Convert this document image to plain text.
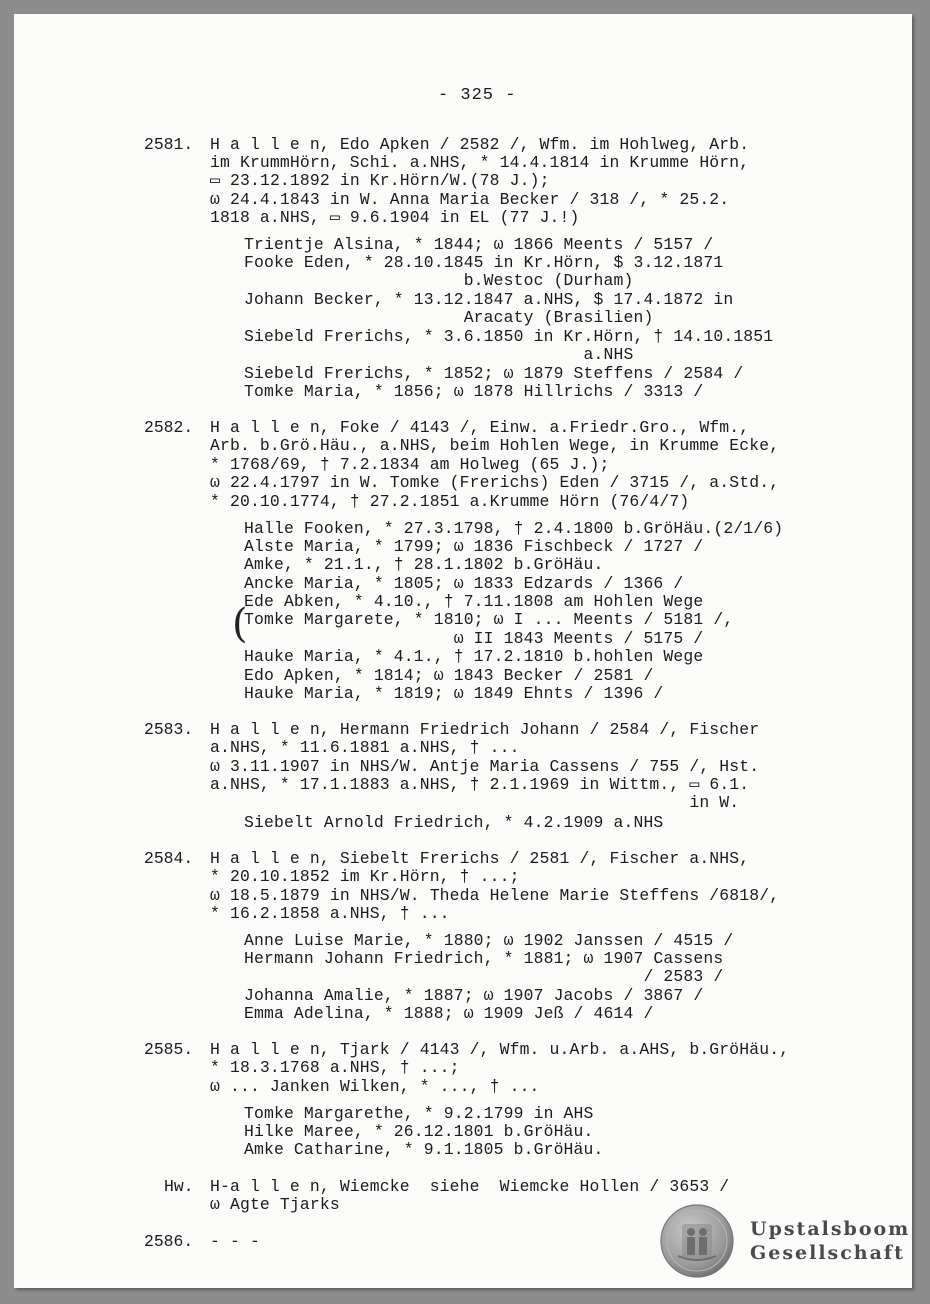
- 325 -
2581. H a l l e n, Edo Apken / 2582 /, Wfm. im Hohlweg, Arb.
im KrummHörn, Schi. a.NHS, * 14.4.1814 in Krumme Hörn,
▭ 23.12.1892 in Kr.Hörn/W.(78 J.);
ω 24.4.1843 in W. Anna Maria Becker / 318 /, * 25.2.
1818 a.NHS, ▭ 9.6.1904 in EL (77 J.!)
Trientje Alsina, * 1844; ω 1866 Meents / 5157 /
Fooke Eden, * 28.10.1845 in Kr.Hörn, $ 3.12.1871
b.Westoc (Durham)
Johann Becker, * 13.12.1847 a.NHS, $ 17.4.1872 in
Aracaty (Brasilien)
Siebeld Frerichs, * 3.6.1850 in Kr.Hörn, † 14.10.1851
a.NHS
Siebeld Frerichs, * 1852; ω 1879 Steffens / 2584 /
Tomke Maria, * 1856; ω 1878 Hillrichs / 3313 /
2582. H a l l e n, Foke / 4143 /, Einw. a.Friedr.Gro., Wfm.,
Arb. b.Grö.Häu., a.NHS, beim Hohlen Wege, in Krumme Ecke,
* 1768/69, † 7.2.1834 am Holweg (65 J.);
ω 22.4.1797 in W. Tomke (Frerichs) Eden / 3715 /, a.Std.,
* 20.10.1774, † 27.2.1851 a.Krumme Hörn (76/4/7)
Halle Fooken, * 27.3.1798, † 2.4.1800 b.GröHäu.(2/1/6)
Alste Maria, * 1799; ω 1836 Fischbeck / 1727 /
Amke, * 21.1., † 28.1.1802 b.GröHäu.
Ancke Maria, * 1805; ω 1833 Edzards / 1366 /
Ede Abken, * 4.10., † 7.11.1808 am Hohlen Wege
Tomke Margarete, * 1810; ω I ... Meents / 5181 /,
ω II 1843 Meents / 5175 /
Hauke Maria, * 4.1., † 17.2.1810 b.hohlen Wege
Edo Apken, * 1814; ω 1843 Becker / 2581 /
Hauke Maria, * 1819; ω 1849 Ehnts / 1396 /
(
2583. H a l l e n, Hermann Friedrich Johann / 2584 /, Fischer
a.NHS, * 11.6.1881 a.NHS, † ...
ω 3.11.1907 in NHS/W. Antje Maria Cassens / 755 /, Hst.
a.NHS, * 17.1.1883 a.NHS, † 2.1.1969 in Wittm., ▭ 6.1.
in W.
Siebelt Arnold Friedrich, * 4.2.1909 a.NHS
2584. H a l l e n, Siebelt Frerichs / 2581 /, Fischer a.NHS,
* 20.10.1852 im Kr.Hörn, † ...;
ω 18.5.1879 in NHS/W. Theda Helene Marie Steffens /6818/,
* 16.2.1858 a.NHS, † ...
Anne Luise Marie, * 1880; ω 1902 Janssen / 4515 /
Hermann Johann Friedrich, * 1881; ω 1907 Cassens
/ 2583 /
Johanna Amalie, * 1887; ω 1907 Jacobs / 3867 /
Emma Adelina, * 1888; ω 1909 Jeß / 4614 /
2585. H a l l e n, Tjark / 4143 /, Wfm. u.Arb. a.AHS, b.GröHäu.,
* 18.3.1768 a.NHS, † ...;
ω ... Janken Wilken, * ..., † ...
Tomke Margarethe, * 9.2.1799 in AHS
Hilke Maree, * 26.12.1801 b.GröHäu.
Amke Catharine, * 9.1.1805 b.GröHäu.
Hw. H-a l l e n, Wiemcke  siehe  Wiemcke Hollen / 3653 /
ω Agte Tjarks
2586. - - -
Upstalsboom
Gesellschaft
